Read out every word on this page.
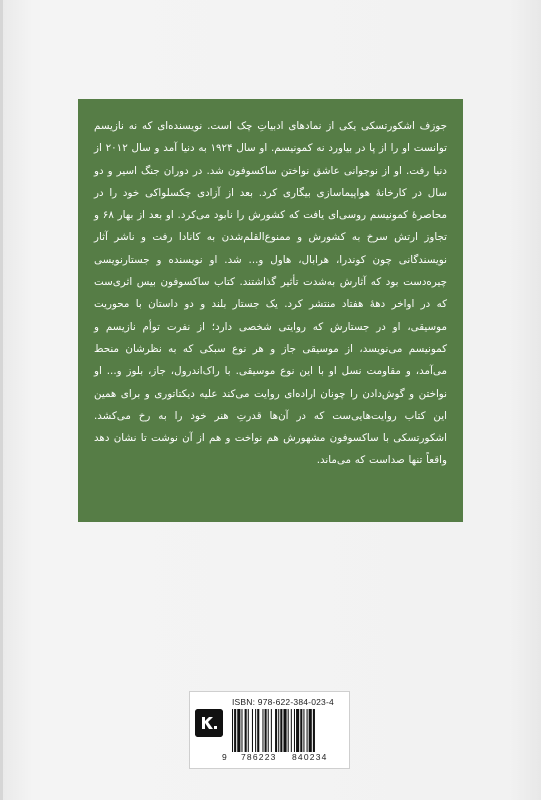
جوزف اشکورتسکی یکی از نمادهای ادبیاتِ چک است. نویسنده‌ای که نه نازیسم توانست او را از پا در بیاورد نه کمونیسم. او سال ۱۹۲۴ به دنیا آمد و سال ۲۰۱۲ از دنیا رفت. او از نوجوانی عاشق نواختن ساکسوفون شد. در دوران جنگ اسیر و دو سال در کارخانهٔ هواپیماسازی بیگاری کرد. بعد از آزادی چکسلواکی خود را در محاصرهٔ کمونیسم روسی‌ای یافت که کشورش را نابود می‌کرد. او بعد از بهار ۶۸ و تجاوز ارتش سرخ به کشورش و ممنوع‌القلم‌شدن به کانادا رفت و ناشر آثار نویسندگانی چون کوندرا، هرابال، هاول و... شد. او نویسنده و جستارنویسی چیره‌دست بود که آثارش به‌شدت تأثیر گذاشتند. کتاب ساکسوفون بیس اثری‌ست که در اواخر دههٔ هفتاد منتشر کرد. یک جستار بلند و دو داستان با محوریت موسیقی، او در جستارش که روایتی شخصی دارد؛ از نفرت توأم نازیسم و کمونیسم می‌نویسد، از موسیقی جاز و هر نوع سبکی که به نظرشان منحط می‌آمد، و مقاومت نسل او با این نوع موسیقی. با راک‌اندرول، جاز، بلوز و... او نواختن و گوش‌دادن را چونان اراده‌ای روایت می‌کند علیه دیکتاتوری و برای همین این کتاب روایت‌هایی‌ست که در آن‌ها قدرتِ هنر خود را به رخ می‌کشد. اشکورتسکی با ساکسوفون مشهورش هم نواخت و هم از آن نوشت تا نشان دهد واقعاً تنها صداست که می‌ماند.

ISBN: 978-622-384-023-4
9 786223 840234
